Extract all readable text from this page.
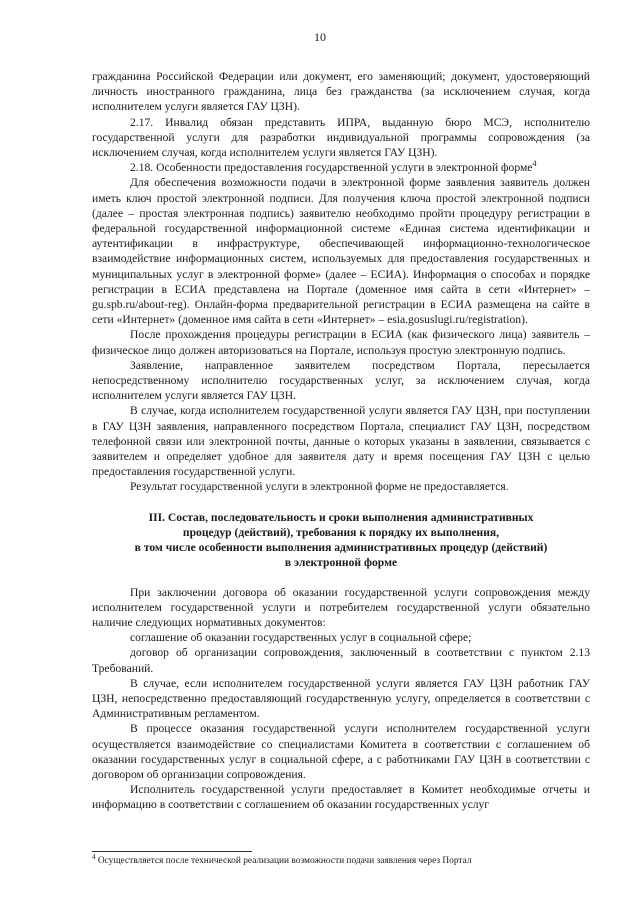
10

гражданина Российской Федерации или документ, его заменяющий; документ, удостоверяющий личность иностранного гражданина, лица без гражданства (за исключением случая, когда исполнителем услуги является ГАУ ЦЗН).

2.17. Инвалид обязан представить ИПРА, выданную бюро МСЭ, исполнителю государственной услуги для разработки индивидуальной программы сопровождения (за исключением случая, когда исполнителем услуги является ГАУ ЦЗН).

2.18. Особенности предоставления государственной услуги в электронной форме$^4$

Для обеспечения возможности подачи в электронной форме заявления заявитель должен иметь ключ простой электронной подписи. Для получения ключа простой электронной подписи (далее – простая электронная подпись) заявителю необходимо пройти процедуру регистрации в федеральной государственной информационной системе «Единая система идентификации и аутентификации в инфраструктуре, обеспечивающей информационно-технологическое взаимодействие информационных систем, используемых для предоставления государственных и муниципальных услуг в электронной форме» (далее – ЕСИА). Информация о способах и порядке регистрации в ЕСИА представлена на Портале (доменное имя сайта в сети «Интернет» – gu.spb.ru/about-reg). Онлайн-форма предварительной регистрации в ЕСИА размещена на сайте в сети «Интернет» (доменное имя сайта в сети «Интернет» – esia.gosuslugi.ru/registration).

После прохождения процедуры регистрации в ЕСИА (как физического лица) заявитель – физическое лицо должен авторизоваться на Портале, используя простую электронную подпись.

Заявление, направленное заявителем посредством Портала, пересылается непосредственному исполнителю государственных услуг, за исключением случая, когда исполнителем услуги является ГАУ ЦЗН.

В случае, когда исполнителем государственной услуги является ГАУ ЦЗН, при поступлении в ГАУ ЦЗН заявления, направленного посредством Портала, специалист ГАУ ЦЗН, посредством телефонной связи или электронной почты, данные о которых указаны в заявлении, связывается с заявителем и определяет удобное для заявителя дату и время посещения ГАУ ЦЗН с целью предоставления государственной услуги.

Результат государственной услуги в электронной форме не предоставляется.

III. Состав, последовательность и сроки выполнения административных
процедур (действий), требования к порядку их выполнения,
в том числе особенности выполнения административных процедур (действий)
в электронной форме

При заключении договора об оказании государственной услуги сопровождения между исполнителем государственной услуги и потребителем государственной услуги обязательно наличие следующих нормативных документов:

соглашение об оказании государственных услуг в социальной сфере;

договор об организации сопровождения, заключенный в соответствии с пунктом 2.13 Требований.

В случае, если исполнителем государственной услуги является ГАУ ЦЗН работник ГАУ ЦЗН, непосредственно предоставляющий государственную услугу, определяется в соответствии с Административным регламентом.

В процессе оказания государственной услуги исполнителем государственной услуги осуществляется взаимодействие со специалистами Комитета в соответствии с соглашением об оказании государственных услуг в социальной сфере, а с работниками ГАУ ЦЗН в соответствии с договором об организации сопровождения.

Исполнитель государственной услуги предоставляет в Комитет необходимые отчеты и информацию в соответствии с соглашением об оказании государственных услуг

$^4$ Осуществляется после технической реализации возможности подачи заявления через Портал
